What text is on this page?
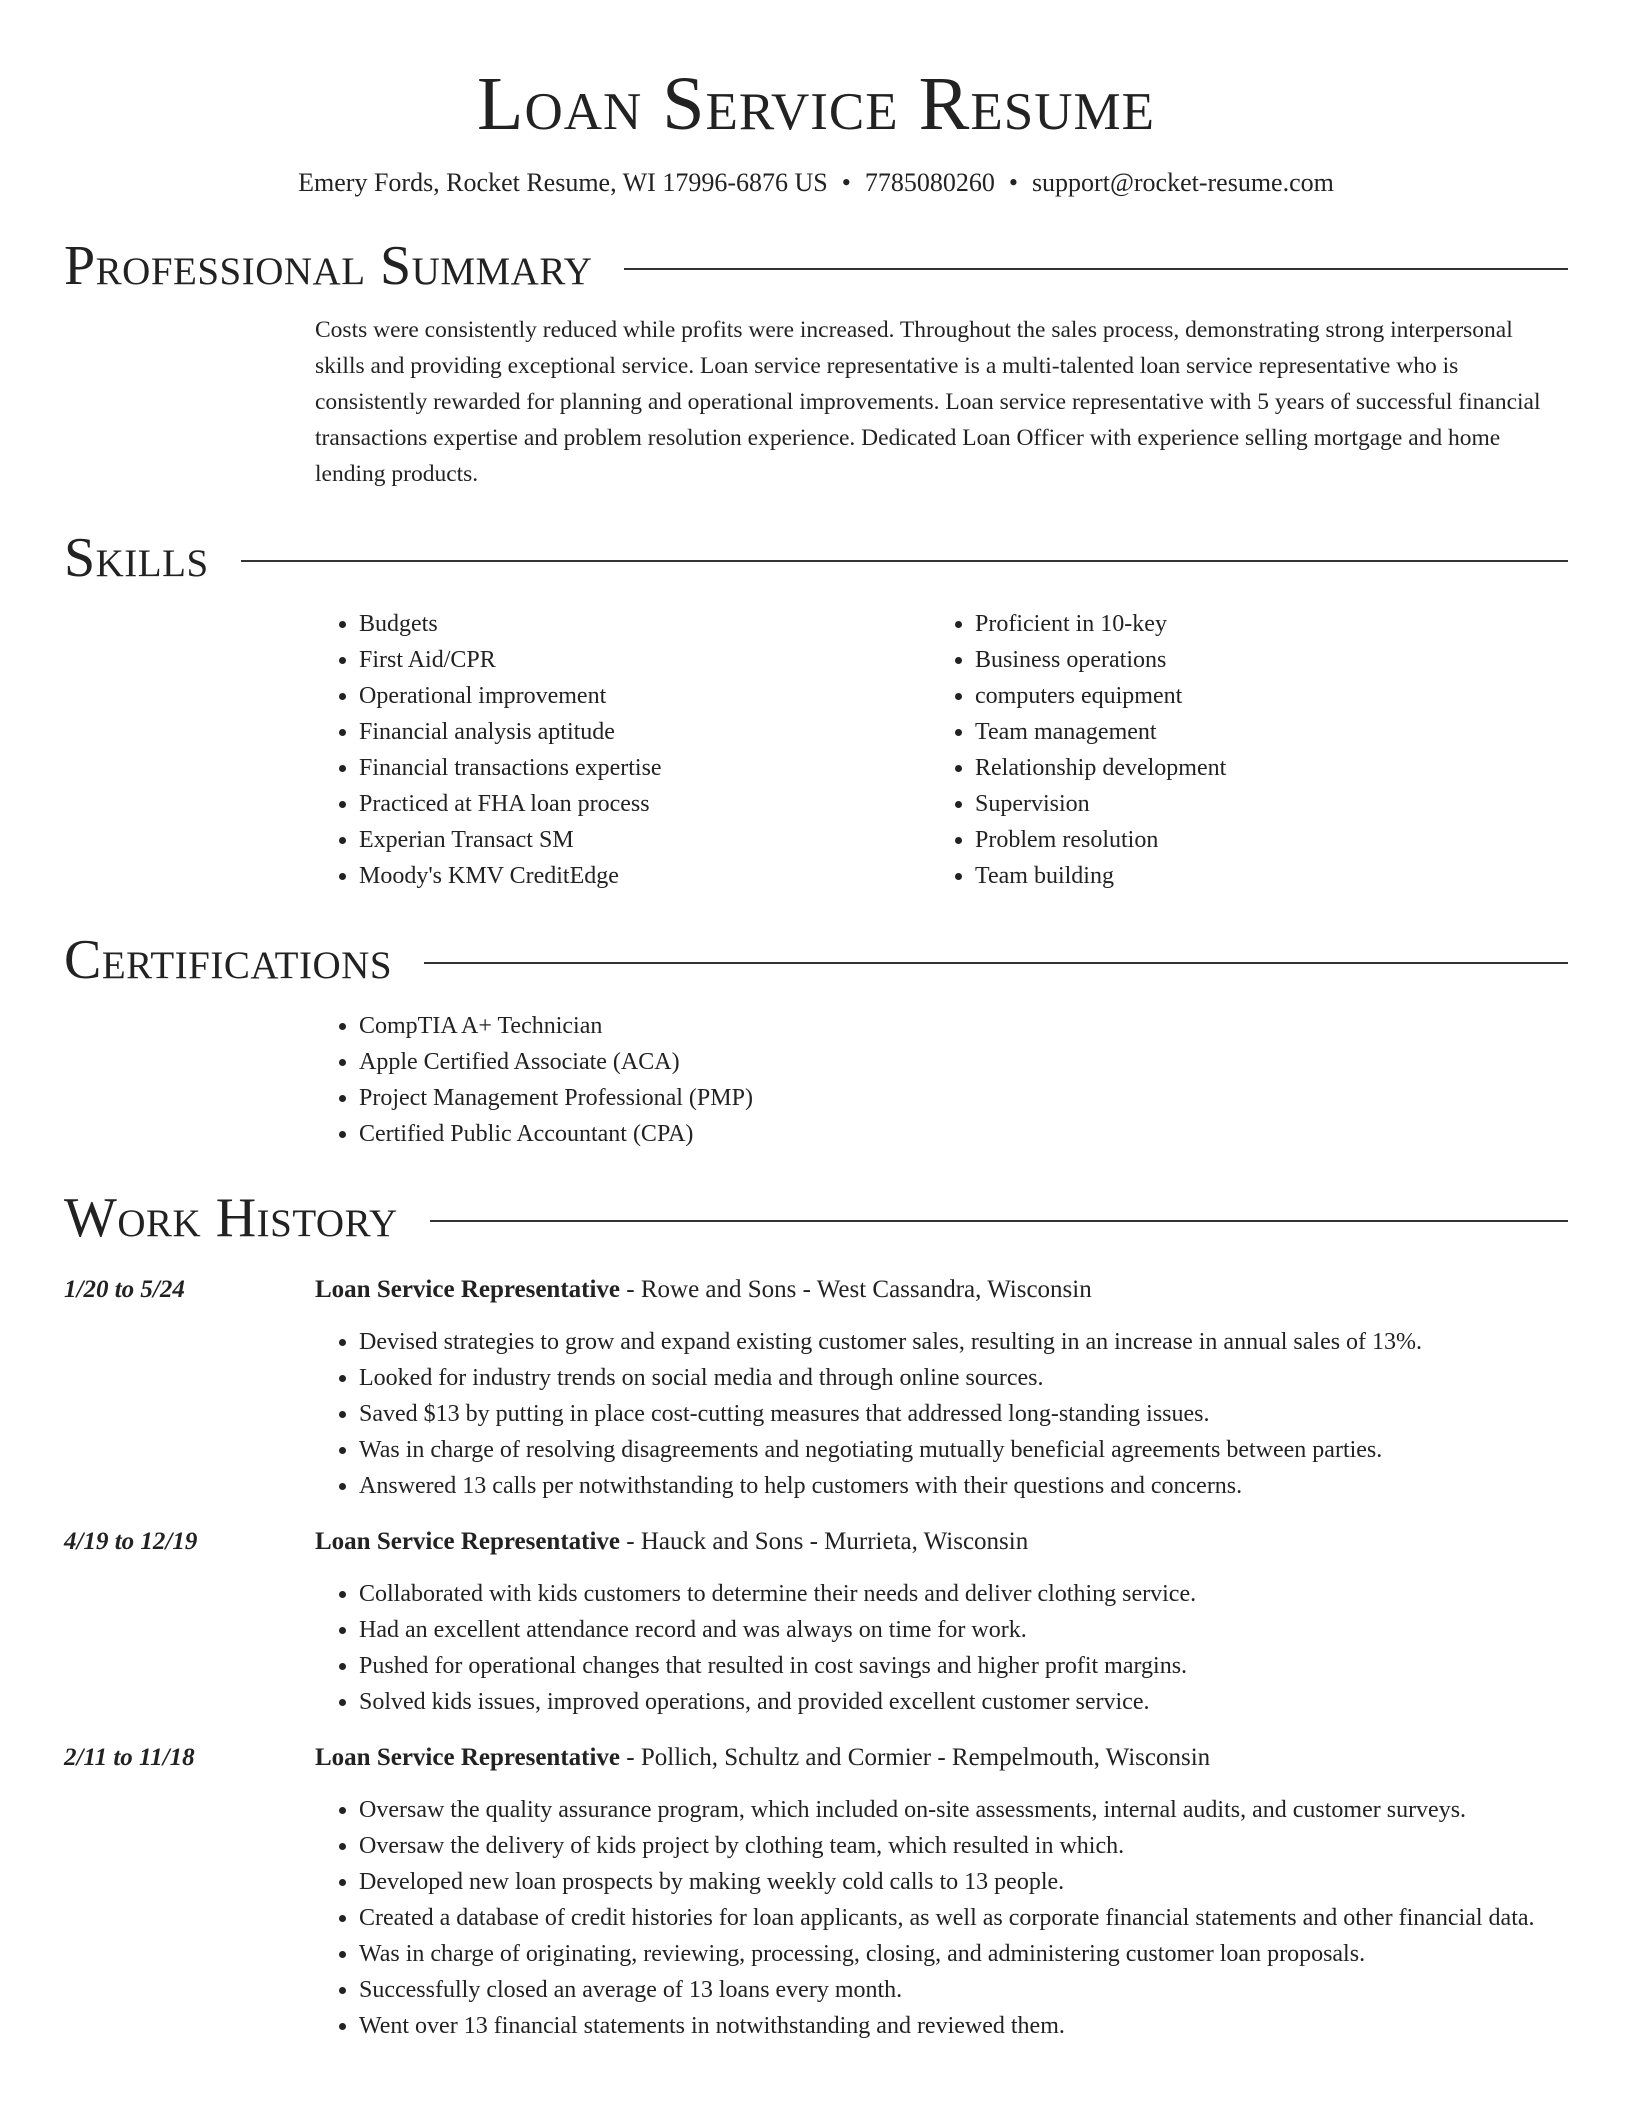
Loan Service Resume
Emery Fords, Rocket Resume, WI 17996-6876 US • 7785080260 • support@rocket-resume.com
Professional Summary
Costs were consistently reduced while profits were increased. Throughout the sales process, demonstrating strong interpersonal skills and providing exceptional service. Loan service representative is a multi-talented loan service representative who is consistently rewarded for planning and operational improvements. Loan service representative with 5 years of successful financial transactions expertise and problem resolution experience. Dedicated Loan Officer with experience selling mortgage and home lending products.
Skills
• Budgets
• First Aid/CPR
• Operational improvement
• Financial analysis aptitude
• Financial transactions expertise
• Practiced at FHA loan process
• Experian Transact SM
• Moody's KMV CreditEdge
• Proficient in 10-key
• Business operations
• computers equipment
• Team management
• Relationship development
• Supervision
• Problem resolution
• Team building
Certifications
• CompTIA A+ Technician
• Apple Certified Associate (ACA)
• Project Management Professional (PMP)
• Certified Public Accountant (CPA)
Work History
1/20 to 5/24	Loan Service Representative - Rowe and Sons - West Cassandra, Wisconsin
• Devised strategies to grow and expand existing customer sales, resulting in an increase in annual sales of 13%.
• Looked for industry trends on social media and through online sources.
• Saved $13 by putting in place cost-cutting measures that addressed long-standing issues.
• Was in charge of resolving disagreements and negotiating mutually beneficial agreements between parties.
• Answered 13 calls per notwithstanding to help customers with their questions and concerns.
4/19 to 12/19	Loan Service Representative - Hauck and Sons - Murrieta, Wisconsin
• Collaborated with kids customers to determine their needs and deliver clothing service.
• Had an excellent attendance record and was always on time for work.
• Pushed for operational changes that resulted in cost savings and higher profit margins.
• Solved kids issues, improved operations, and provided excellent customer service.
2/11 to 11/18	Loan Service Representative - Pollich, Schultz and Cormier - Rempelmouth, Wisconsin
• Oversaw the quality assurance program, which included on-site assessments, internal audits, and customer surveys.
• Oversaw the delivery of kids project by clothing team, which resulted in which.
• Developed new loan prospects by making weekly cold calls to 13 people.
• Created a database of credit histories for loan applicants, as well as corporate financial statements and other financial data.
• Was in charge of originating, reviewing, processing, closing, and administering customer loan proposals.
• Successfully closed an average of 13 loans every month.
• Went over 13 financial statements in notwithstanding and reviewed them.
